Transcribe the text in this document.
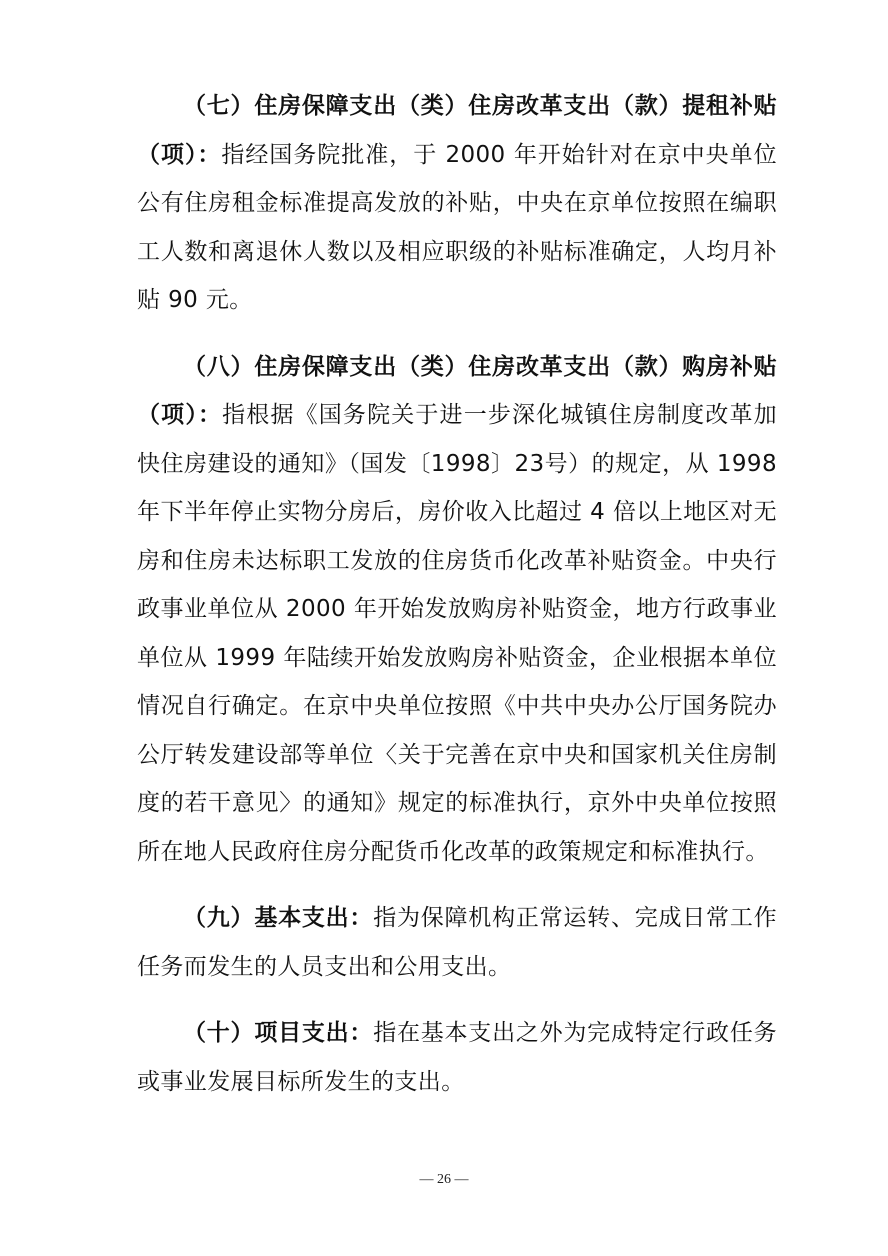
（七）住房保障支出（类）住房改革支出（款）提租补贴（项）：指经国务院批准，于 2000 年开始针对在京中央单位公有住房租金标准提高发放的补贴，中央在京单位按照在编职工人数和离退休人数以及相应职级的补贴标准确定，人均月补贴 90 元。

（八）住房保障支出（类）住房改革支出（款）购房补贴（项）：指根据《国务院关于进一步深化城镇住房制度改革加快住房建设的通知》（国发〔1998〕23号）的规定，从 1998年下半年停止实物分房后，房价收入比超过 4 倍以上地区对无房和住房未达标职工发放的住房货币化改革补贴资金。中央行政事业单位从 2000 年开始发放购房补贴资金，地方行政事业单位从 1999 年陆续开始发放购房补贴资金，企业根据本单位情况自行确定。在京中央单位按照《中共中央办公厅国务院办公厅转发建设部等单位〈关于完善在京中央和国家机关住房制度的若干意见〉的通知》规定的标准执行，京外中央单位按照所在地人民政府住房分配货币化改革的政策规定和标准执行。

（九）基本支出：指为保障机构正常运转、完成日常工作任务而发生的人员支出和公用支出。

（十）项目支出：指在基本支出之外为完成特定行政任务或事业发展目标所发生的支出。

— 26 —
